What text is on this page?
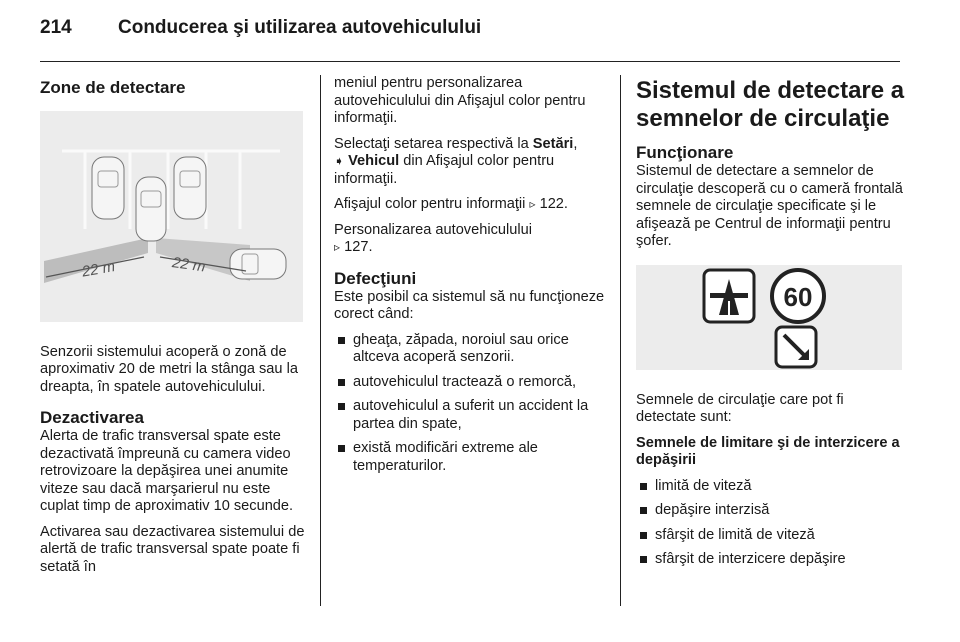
214 Conducerea şi utilizarea autovehiculului
Zone de detectare
22 m	22 m

Senzorii sistemului acoperă o zonă de aproximativ 20 de metri la stânga sau la dreapta, în spatele autovehiculului.

Dezactivarea

Alerta de trafic transversal spate este dezactivată împreună cu camera video retrovizoare la depăşirea unei anumite viteze sau dacă marşarierul nu este cuplat timp de aproximativ 10 secunde.

Activarea sau dezactivarea sistemului de alertă de trafic transversal spate poate fi setată în

meniul pentru personalizarea autovehiculului din Afişajul color pentru informaţii.

Selectaţi setarea respectivă la Setări,
➧ Vehicul din Afişajul color pentru informaţii.

Afişajul color pentru informaţii ▹ 122.

Personalizarea autovehiculului
▹ 127.

Defecţiuni

Este posibil ca sistemul să nu funcţioneze corect când:

gheaţa, zăpada, noroiul sau orice altceva acoperă senzorii.
autovehiculul tractează o remorcă,
autovehiculul a suferit un accident la partea din spate,
există modificări extreme ale temperaturilor.
Sistemul de detectare a semnelor de circulaţie
Funcţionare

Sistemul de detectare a semnelor de circulaţie descoperă cu o cameră frontală semnele de circulaţie specificate şi le afişează pe Centrul de informaţii pentru şofer.

60

Semnele de circulaţie care pot fi detectate sunt:

Semnele de limitare şi de interzicere a depăşirii

limită de viteză
depăşire interzisă
sfârşit de limită de viteză
sfârşit de interzicere depăşire
